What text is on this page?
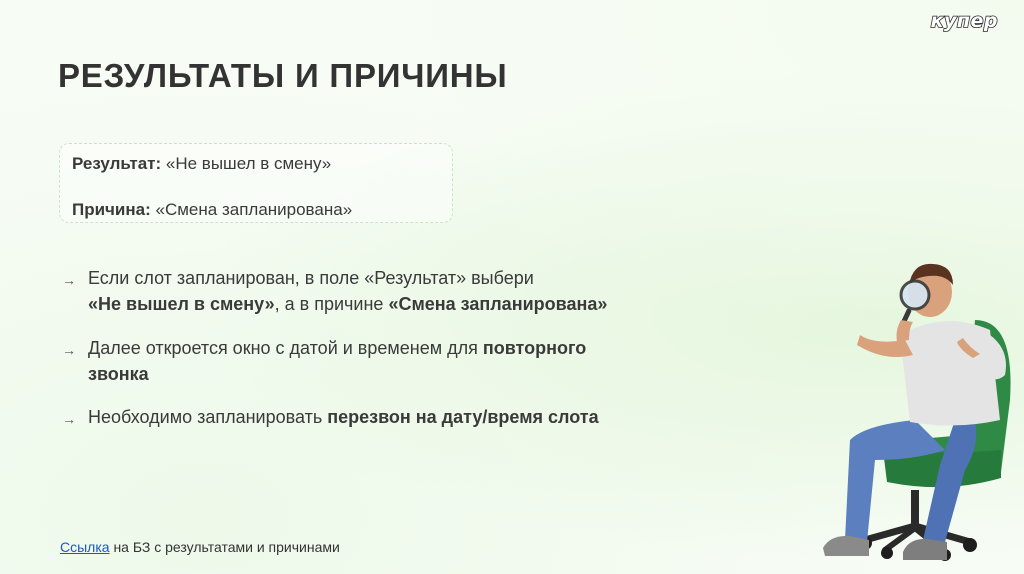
купер
РЕЗУЛЬТАТЫ И ПРИЧИНЫ
Результат: «Не вышел в смену»
Причина: «Смена запланирована»
→ Если слот запланирован, в поле «Результат» выбери
«Не вышел в смену», а в причине «Смена запланирована»
→ Далее откроется окно с датой и временем для повторного
звонка
→ Необходимо запланировать перезвон на дату/время слота
Ссылка на БЗ с результатами и причинами
